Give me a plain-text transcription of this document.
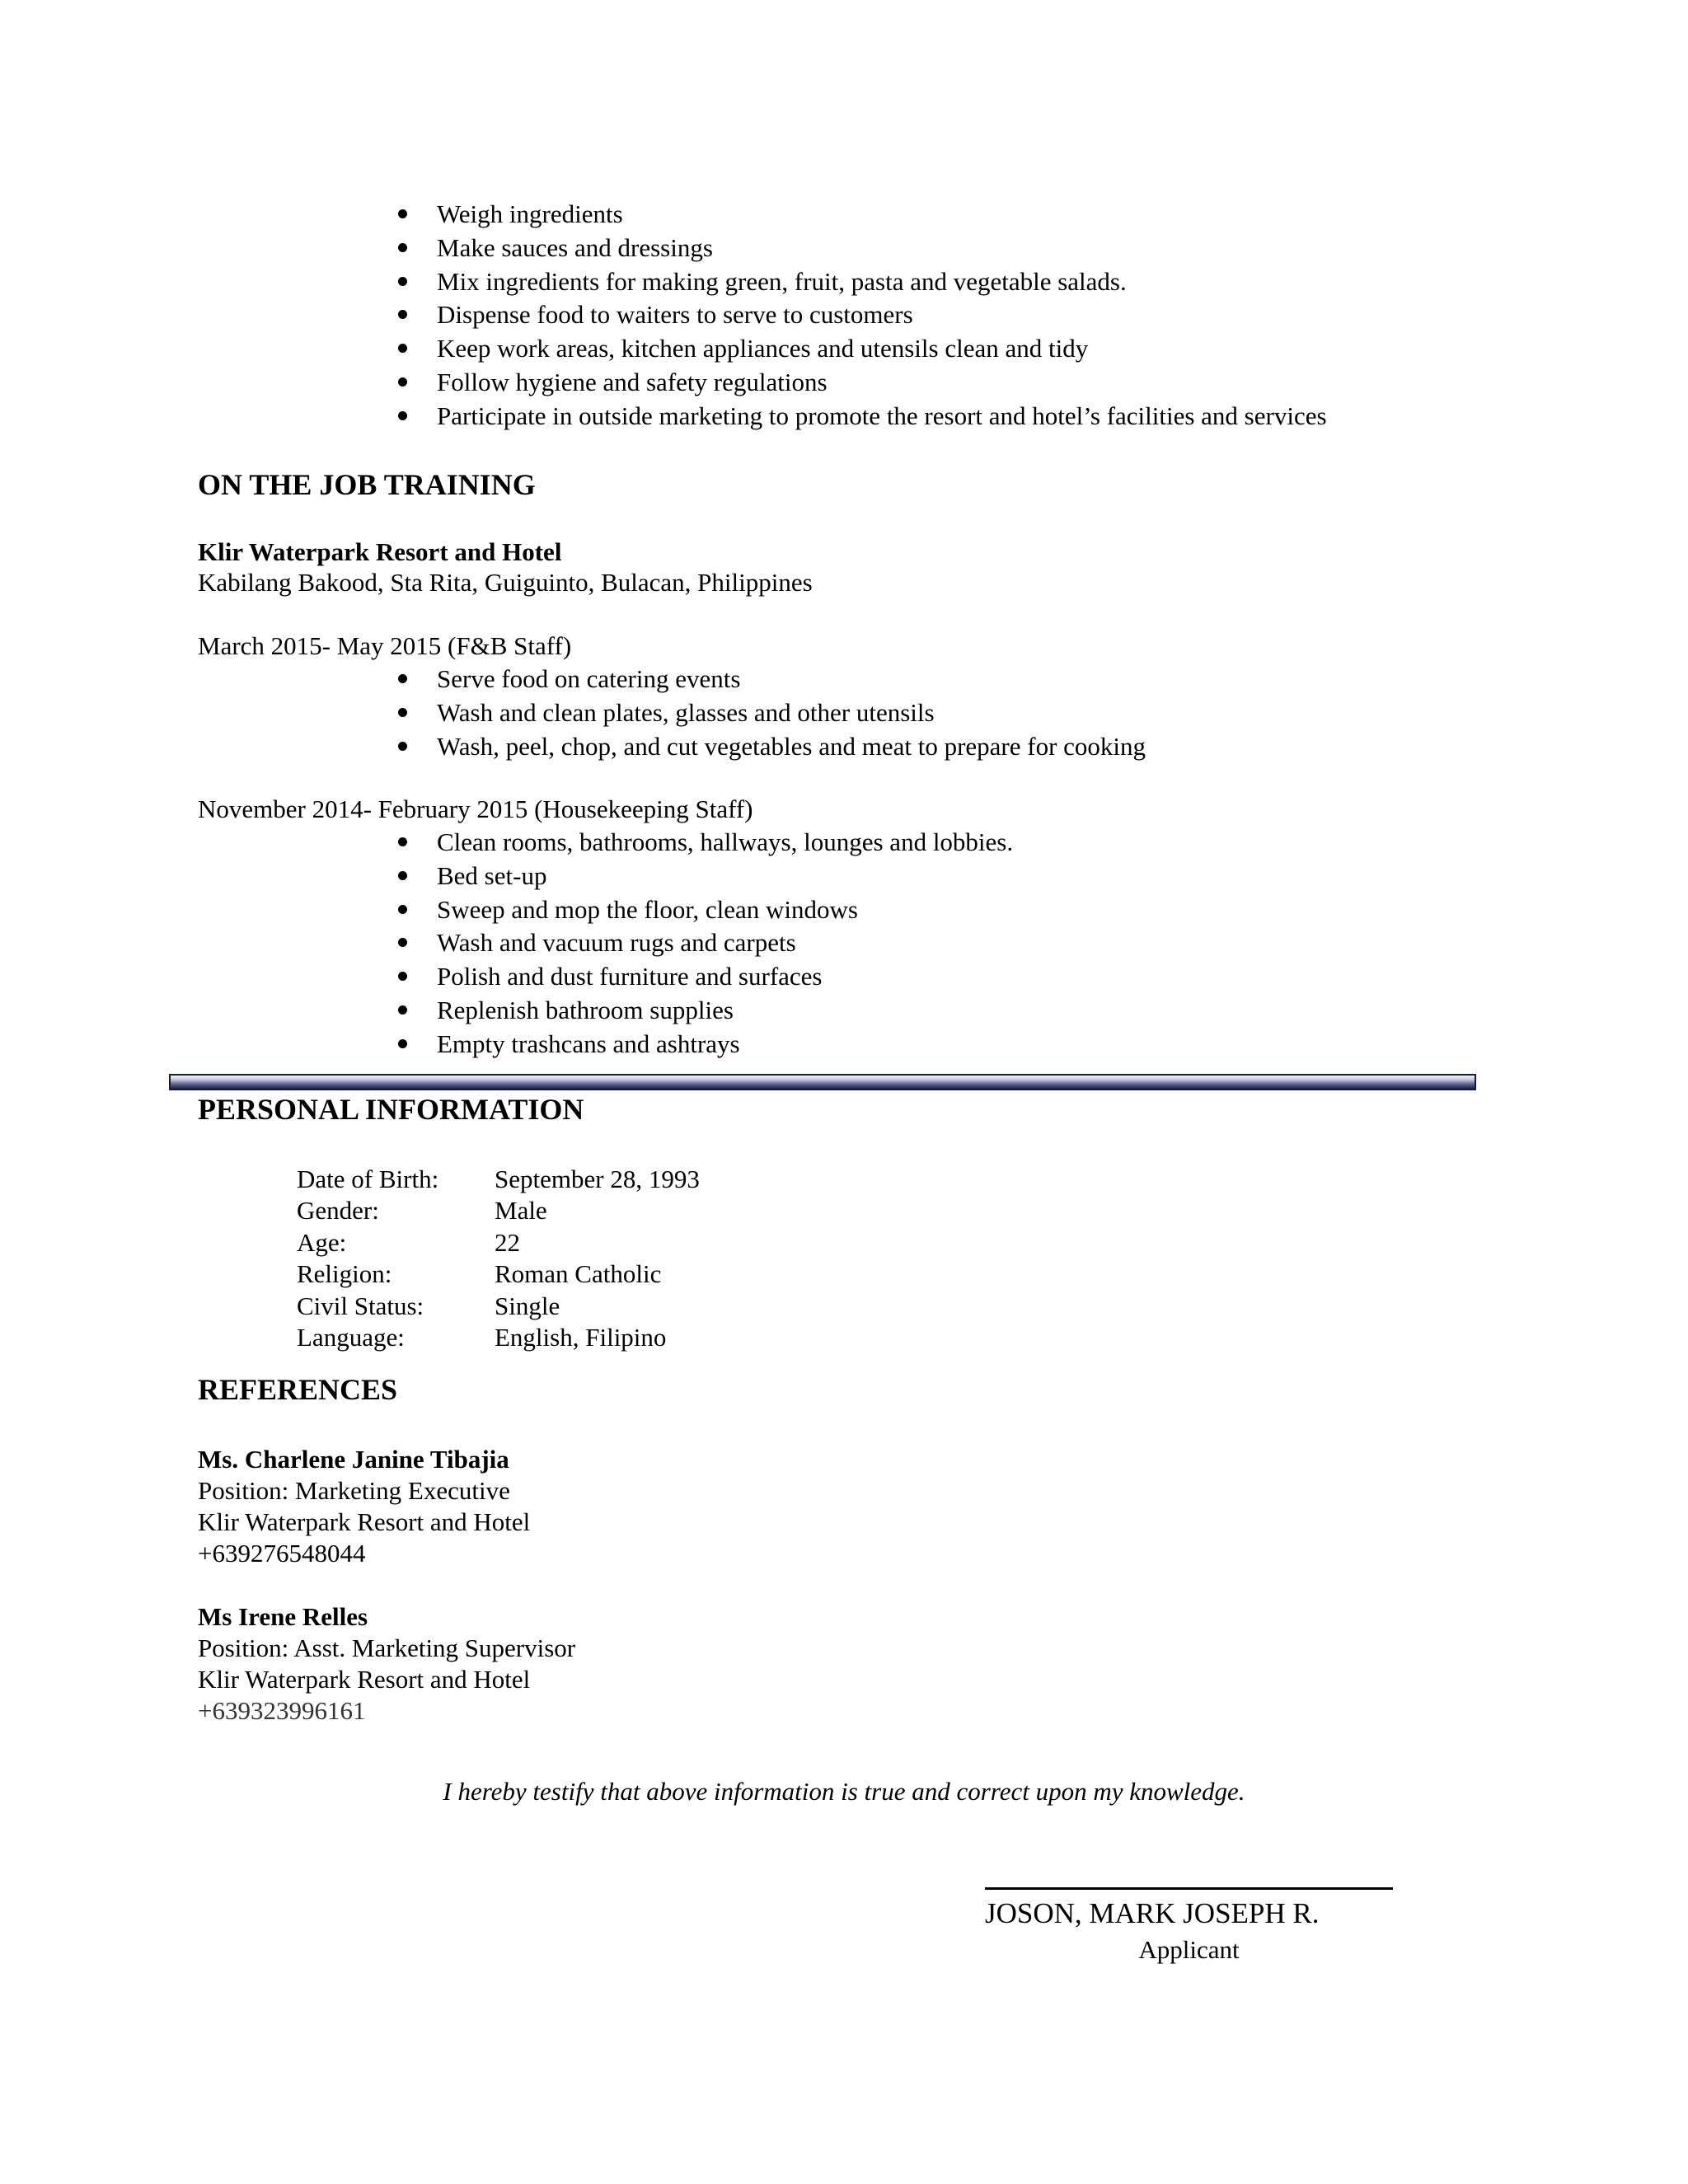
Weigh ingredients
Make sauces and dressings
Mix ingredients for making green, fruit, pasta and vegetable salads.
Dispense food to waiters to serve to customers
Keep work areas, kitchen appliances and utensils clean and tidy
Follow hygiene and safety regulations
Participate in outside marketing to promote the resort and hotel’s facilities and services
ON THE JOB TRAINING
Klir Waterpark Resort and Hotel
Kabilang Bakood, Sta Rita, Guiguinto, Bulacan, Philippines
March 2015- May 2015 (F&B Staff)
Serve food on catering events
Wash and clean plates, glasses and other utensils
Wash, peel, chop, and cut vegetables and meat to prepare for cooking
November 2014- February 2015 (Housekeeping Staff)
Clean rooms, bathrooms, hallways, lounges and lobbies.
Bed set-up
Sweep and mop the floor, clean windows
Wash and vacuum rugs and carpets
Polish and dust furniture and surfaces
Replenish bathroom supplies
Empty trashcans and ashtrays
PERSONAL INFORMATION
Date of Birth:	September 28, 1993
Gender:	Male
Age:	22
Religion:	Roman Catholic
Civil Status:	Single
Language:	English, Filipino
REFERENCES
Ms. Charlene Janine Tibajia
Position: Marketing Executive
Klir Waterpark Resort and Hotel
+639276548044
Ms Irene Relles
Position: Asst. Marketing Supervisor
Klir Waterpark Resort and Hotel
+639323996161
I hereby testify that above information is true and correct upon my knowledge.
JOSON, MARK JOSEPH R.
Applicant
